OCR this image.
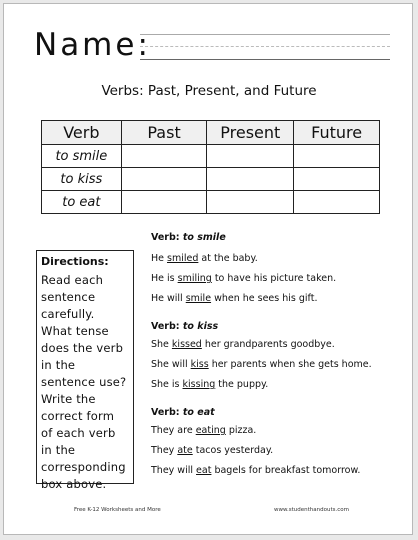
Name:
Verbs: Past, Present, and Future
Verb	Past	Present	Future
to smile			
to kiss			
to eat			
Directions:
Read each sentence carefully. What tense does the verb in the sentence use? Write the correct form of each verb in the corresponding box above.
Verb: to smile
He smiled at the baby.
He is smiling to have his picture taken.
He will smile when he sees his gift.
Verb: to kiss
She kissed her grandparents goodbye.
She will kiss her parents when she gets home.
She is kissing the puppy.
Verb: to eat
They are eating pizza.
They ate tacos yesterday.
They will eat bagels for breakfast tomorrow.
Free K-12 Worksheets and More	www.studenthandouts.com
